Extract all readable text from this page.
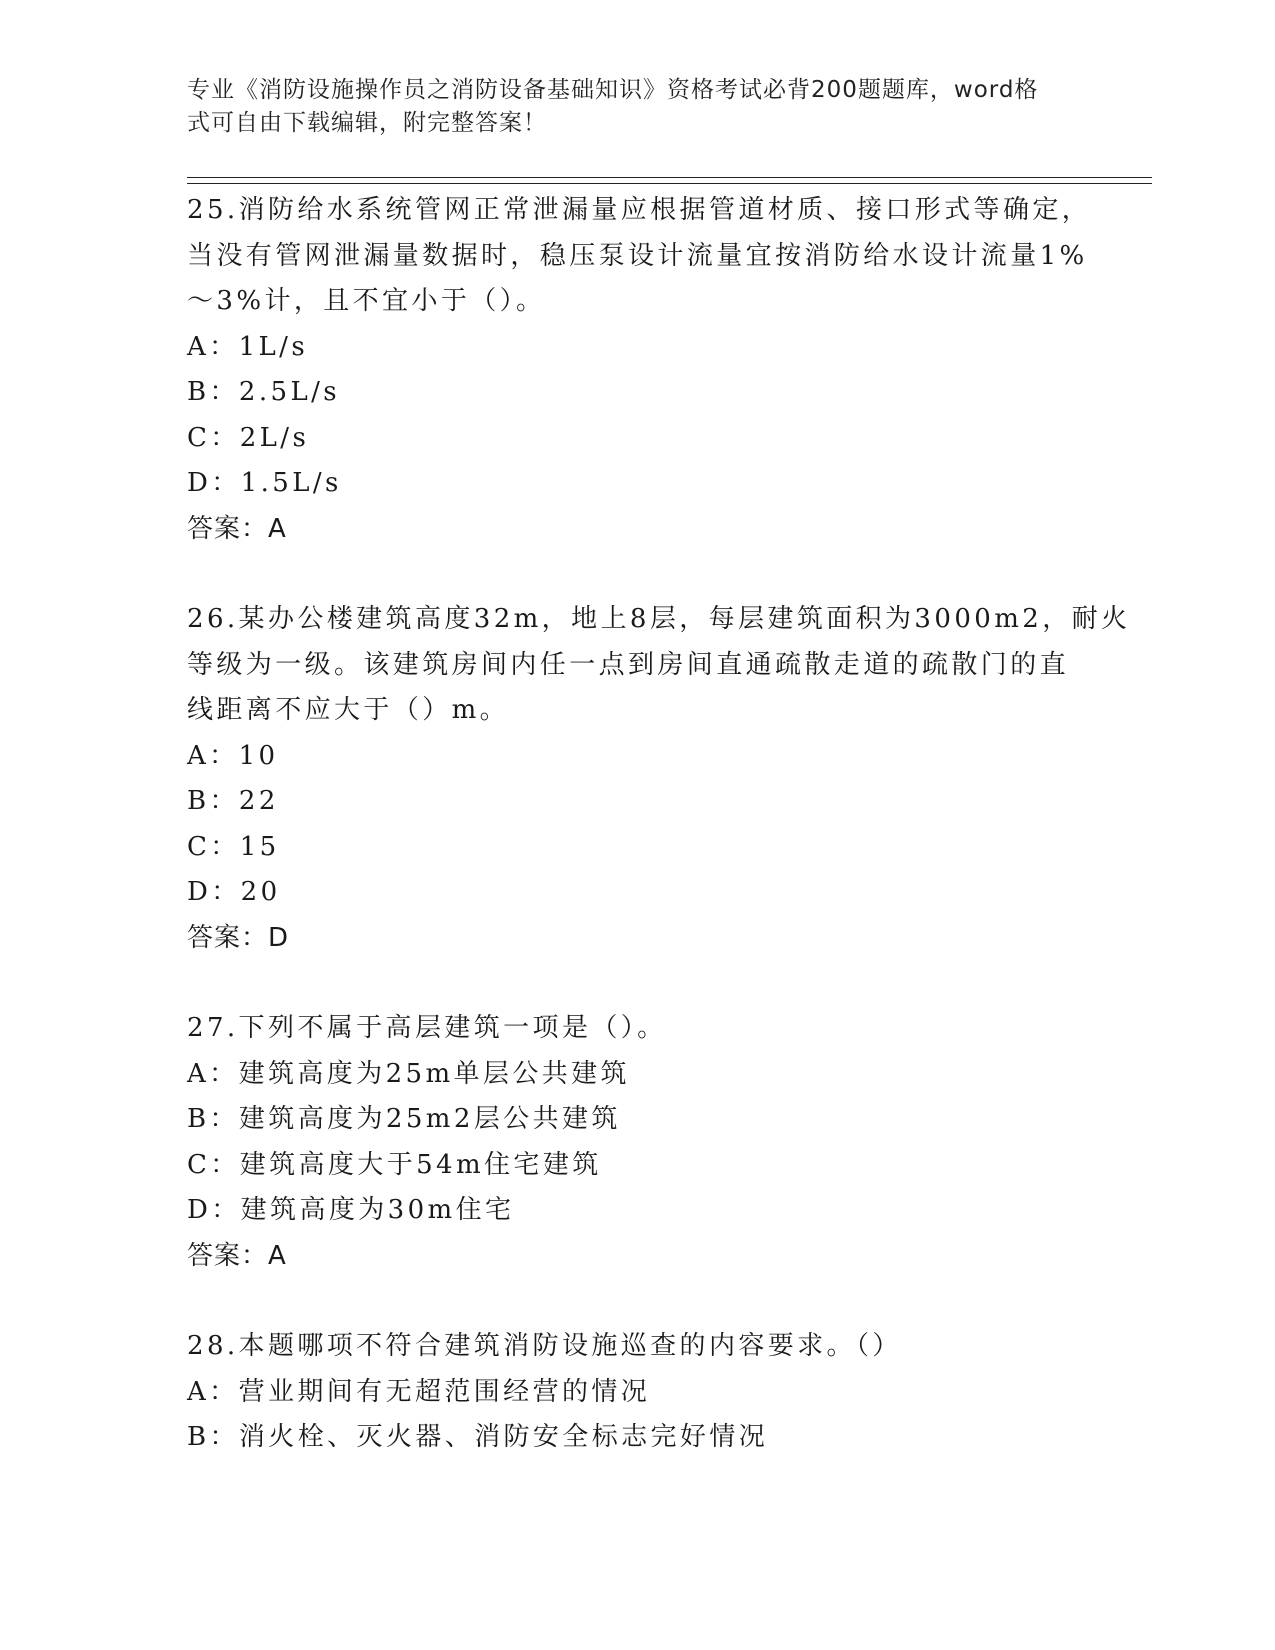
专业《消防设施操作员之消防设备基础知识》资格考试必背200题题库，word格
式可自由下载编辑，附完整答案！
25.消防给水系统管网正常泄漏量应根据管道材质、接口形式等确定，
当没有管网泄漏量数据时，稳压泵设计流量宜按消防给水设计流量1%
～3%计，且不宜小于（）。
A：1L/s
B：2.5L/s
C：2L/s
D：1.5L/s
答案：A
26.某办公楼建筑高度32m，地上8层，每层建筑面积为3000m2，耐火
等级为一级。该建筑房间内任一点到房间直通疏散走道的疏散门的直
线距离不应大于（）m。
A：10
B：22
C：15
D：20
答案：D
27.下列不属于高层建筑一项是（）。
A：建筑高度为25m单层公共建筑
B：建筑高度为25m2层公共建筑
C：建筑高度大于54m住宅建筑
D：建筑高度为30m住宅
答案：A
28.本题哪项不符合建筑消防设施巡查的内容要求。（）
A：营业期间有无超范围经营的情况
B：消火栓、灭火器、消防安全标志完好情况
